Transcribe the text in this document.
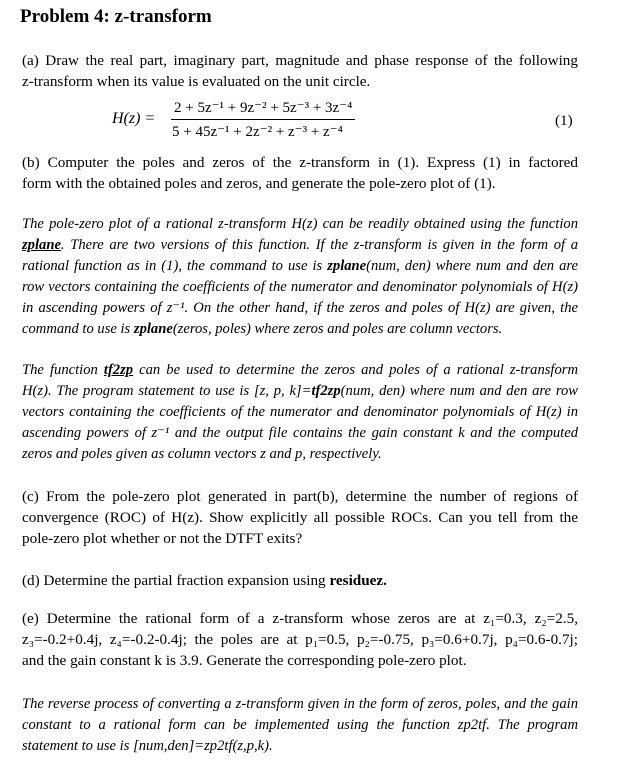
Problem 4: z-transform
(a) Draw the real part, imaginary part, magnitude and phase response of the following
z-transform when its value is evaluated on the unit circle.
H(z) =
2 + 5z⁻¹ + 9z⁻² + 5z⁻³ + 3z⁻⁴
5 + 45z⁻¹ + 2z⁻² + z⁻³ + z⁻⁴
(1)
(b) Computer the poles and zeros of the z-transform in (1). Express (1) in factored
form with the obtained poles and zeros, and generate the pole-zero plot of (1).
The pole-zero plot of a rational z-transform H(z) can be readily obtained using the function
zplane. There are two versions of this function. If the z-transform is given in the form of a
rational function as in (1), the command to use is zplane(num, den) where num and den are
row vectors containing the coefficients of the numerator and denominator polynomials of H(z)
in ascending powers of z⁻¹. On the other hand, if the zeros and poles of H(z) are given, the
command to use is zplane(zeros, poles) where zeros and poles are column vectors.
The function tf2zp can be used to determine the zeros and poles of a rational z-transform
H(z). The program statement to use is [z, p, k]=tf2zp(num, den) where num and den are row
vectors containing the coefficients of the numerator and denominator polynomials of H(z) in
ascending powers of z⁻¹ and the output file contains the gain constant k and the computed
zeros and poles given as column vectors z and p, respectively.
(c) From the pole-zero plot generated in part(b), determine the number of regions of
convergence (ROC) of H(z). Show explicitly all possible ROCs. Can you tell from the
pole-zero plot whether or not the DTFT exits?
(d) Determine the partial fraction expansion using residuez.
(e) Determine the rational form of a z-transform whose zeros are at z₁=0.3, z₂=2.5,
z₃=-0.2+0.4j, z₄=-0.2-0.4j; the poles are at p₁=0.5, p₂=-0.75, p₃=0.6+0.7j, p₄=0.6-0.7j;
and the gain constant k is 3.9. Generate the corresponding pole-zero plot.
The reverse process of converting a z-transform given in the form of zeros, poles, and the gain
constant to a rational form can be implemented using the function zp2tf. The program
statement to use is [num,den]=zp2tf(z,p,k).
